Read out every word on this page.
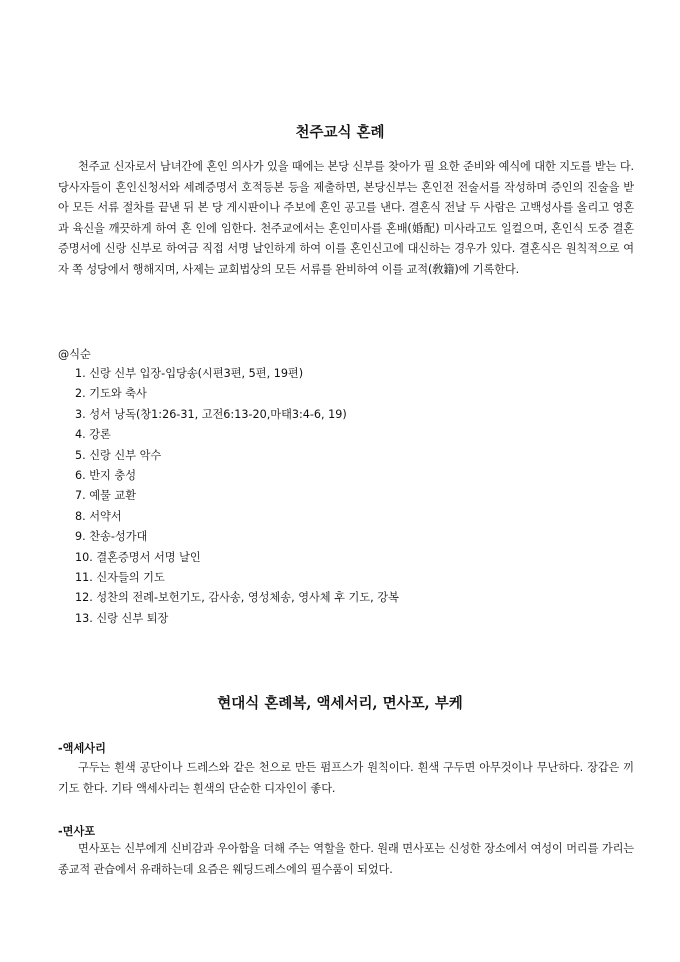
천주교식 혼례

천주교 신자로서 남녀간에 혼인 의사가 있을 때에는 본당 신부를 찾아가 필 요한 준비와 예식에 대한 지도를 받는 다. 당사자들이 혼인신청서와 세례증명서 호적등본 등을 제출하면, 본당신부는 혼인전 전술서를 작성하며 증인의 진술을 받아 모든 서류 절차를 끝낸 뒤 본 당 게시판이나 주보에 혼인 공고를 낸다. 결혼식 전날 두 사람은 고백성사를 올리고 영혼과 육신을 깨끗하게 하여 혼 인에 임한다. 천주교에서는 혼인미사를 혼배(婚配) 미사라고도 일컬으며, 혼인식 도중 결혼증명서에 신랑 신부로 하여금 직접 서명 날인하게 하여 이를 혼인신고에 대신하는 경우가 있다. 결혼식은 원칙적으로 여자 쪽 성당에서 행해지며, 사제는 교회법상의 모든 서류를 완비하여 이를 교적(敎籍)에 기록한다.

@식순
1. 신랑 신부 입장-입당송(시편3편, 5편, 19편)
2. 기도와 축사
3. 성서 낭독(창1:26-31, 고전6:13-20,마태3:4-6, 19)
4. 강론
5. 신랑 신부 악수
6. 반지 충성
7. 예물 교환
8. 서약서
9. 찬송-성가대
10. 결혼증명서 서명 날인
11. 신자들의 기도
12. 성찬의 전례-보헌기도, 감사송, 영성체송, 영사체 후 기도, 강복
13. 신랑 신부 퇴장
현대식 혼례복, 액세서리, 면사포, 부케
-액세사리

구두는 흰색 공단이나 드레스와 같은 천으로 만든 펌프스가 원칙이다. 흰색 구두면 아무것이나 무난하다. 장갑은 끼기도 한다. 기타 액세사리는 흰색의 단순한 디자인이 좋다.

-면사포

면사포는 신부에게 신비감과 우아함을 더해 주는 역할을 한다. 원래 면사포는 신성한 장소에서 여성이 머리를 가리는 종교적 관습에서 유래하는데 요즘은 웨딩드레스에의 필수품이 되었다.
